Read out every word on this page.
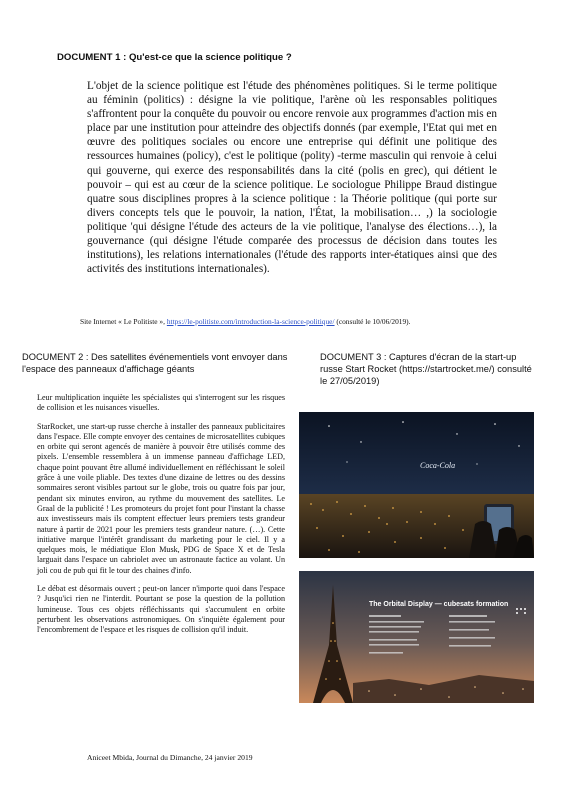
DOCUMENT 1 : Qu'est-ce que la science politique ?

L'objet de la science politique est l'étude des phénomènes politiques. Si le terme politique au féminin (politics) : désigne la vie politique, l'arène où les responsables politiques s'affrontent pour la conquête du pouvoir ou encore renvoie aux programmes d'action mis en place par une institution pour atteindre des objectifs donnés (par exemple, l'Etat qui met en œuvre des politiques sociales ou encore une entreprise qui définit une politique des ressources humaines (policy), c'est le politique (polity) -terme masculin qui renvoie à celui qui gouverne, qui exerce des responsabilités dans la cité (polis en grec), qui détient le pouvoir – qui est au cœur de la science politique. Le sociologue Philippe Braud distingue quatre sous disciplines propres à la science politique : la Théorie politique (qui porte sur divers concepts tels que le pouvoir, la nation, l'État, la mobilisation… ,) la sociologie politique 'qui désigne l'étude des acteurs de la vie politique, l'analyse des élections…), la gouvernance (qui désigne l'étude comparée des processus de décision dans toutes les institutions), les relations internationales (l'étude des rapports inter-étatiques ainsi que des activités des institutions internationales).

Site Internet « Le Politiste », https://le-politiste.com/introduction-la-science-politique/ (consulté le 10/06/2019).
DOCUMENT 2 : Des satellites événementiels vont envoyer dans l'espace des panneaux d'affichage géants
DOCUMENT 3 : Captures d'écran de la start-up russe Start Rocket (https://startrocket.me/) consulté le 27/05/2019)

Leur multiplication inquiète les spécialistes qui s'interrogent sur les risques de collision et les nuisances visuelles.

StarRocket, une start-up russe cherche à installer des panneaux publicitaires dans l'espace. Elle compte envoyer des centaines de microsatellites cubiques en orbite qui seront agencés de manière à pouvoir être utilisés comme des pixels. L'ensemble ressemblera à un immense panneau d'affichage LED, chaque point pouvant être allumé individuellement en réfléchissant le soleil grâce à une voile pliable. Des textes d'une dizaine de lettres ou des dessins sommaires seront visibles partout sur le globe, trois ou quatre fois par jour, pendant six minutes environ, au rythme du mouvement des satellites. Le Graal de la publicité ! Les promoteurs du projet font pour l'instant la chasse aux investisseurs mais ils comptent effectuer leurs premiers tests grandeur nature à partir de 2021 pour les premiers tests grandeur nature. (…). Cette initiative marque l'intérêt grandissant du marketing pour le ciel. Il y a quelques mois, le médiatique Elon Musk, PDG de Space X et de Tesla larguait dans l'espace un cabriolet avec un astronaute factice au volant. Un joli cou de pub qui fit le tour des chaines d'info.

Le débat est désormais ouvert ; peut-on lancer n'importe quoi dans l'espace ? Jusqu'ici rien ne l'interdit. Pourtant se pose la question de la pollution lumineuse. Tous ces objets réfléchissants qui s'accumulent en orbite perturbent les observations astronomiques. On s'inquiète également pour l'encombrement de l'espace et les risques de collision qu'il induit.

Aniceet Mbida, Journal du Dimanche, 24 janvier 2019
Coca-Cola
The Orbital Display — cubesats formation
